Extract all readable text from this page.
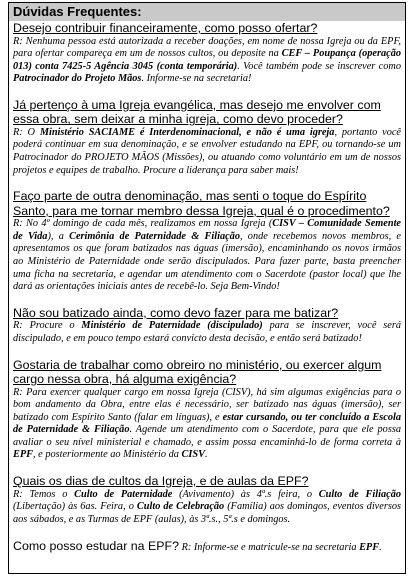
Dúvidas Frequentes:

Desejo contribuir financeiramente, como posso ofertar?

R: Nenhuma pessoa está autorizada a receber doações, em nome de nossa Igreja ou da EPF, para ofertar compareça em um de nossos cultos, ou deposite na CEF – Poupança (operação 013) conta 7425-5 Agência 3045 (conta temporária). Você também pode se inscrever como Patrocinador do Projeto Mãos. Informe-se na secretaria!

Já pertenço à uma Igreja evangélica, mas desejo me envolver com essa obra, sem deixar a minha igreja, como devo proceder?

R: O Ministério SACIAME é Interdenominacional, e não é uma igreja, portanto você poderá continuar em sua denominação, e se envolver estudando na EPF, ou tornando-se um Patrocinador do PROJETO MÃOS (Missões), ou atuando como voluntário em um de nossos projetos e equipes de trabalho. Procure a liderança para saber mais!

Faço parte de outra denominação, mas senti o toque do Espírito Santo, para me tornar membro dessa Igreja, qual é o procedimento?

R: No 4º domingo de cada mês, realizamos em nossa Igreja (CISV – Comunidade Semente de Vida), a Cerimônia de Paternidade & Filiação, onde recebemos novos membros, e apresentamos os que foram batizados nas águas (imersão), encaminhando os novos irmãos ao Ministério de Paternidade onde serão discipulados. Para fazer parte, basta preencher uma ficha na secretaria, e agendar um atendimento com o Sacerdote (pastor local) que lhe dará as orientações iniciais antes de recebê-lo. Seja Bem-Vindo!

Não sou batizado ainda, como devo fazer para me batizar?

R: Procure o Ministério de Paternidade (discipulado) para se inscrever, você será discipulado, e em pouco tempo estará convicto desta decisão, e então será batizado!

Gostaria de trabalhar como obreiro no ministério, ou exercer algum cargo nessa obra, há alguma exigência?

R: Para exercer qualquer cargo em nossa Igreja (CISV), há sim algumas exigências para o bom andamento da Obra, entre elas é necessário, ser batizado nas águas (imersão), ser batizado com Espírito Santo (falar em línguas), e estar cursando, ou ter concluído a Escola de Paternidade & Filiação. Agende um atendimento com o Sacerdote, para que ele possa avaliar o seu nível ministerial e chamado, e assim possa encaminhá-lo de forma correta à EPF, e posteriormente ao Ministério da CISV.

Quais os dias de cultos da Igreja, e de aulas da EPF?

R: Temos o Culto de Paternidade (Avivamento) às 4ª.s feira, o Culto de Filiação (Libertação) às 6as. Feira, o Culto de Celebração (Família) aos domingos, eventos diversos aos sábados, e as Turmas de EPF (aulas), às 3ª.s., 5ª.s e domingos.

Como posso estudar na EPF? R: Informe-se e matricule-se na secretaria EPF.
